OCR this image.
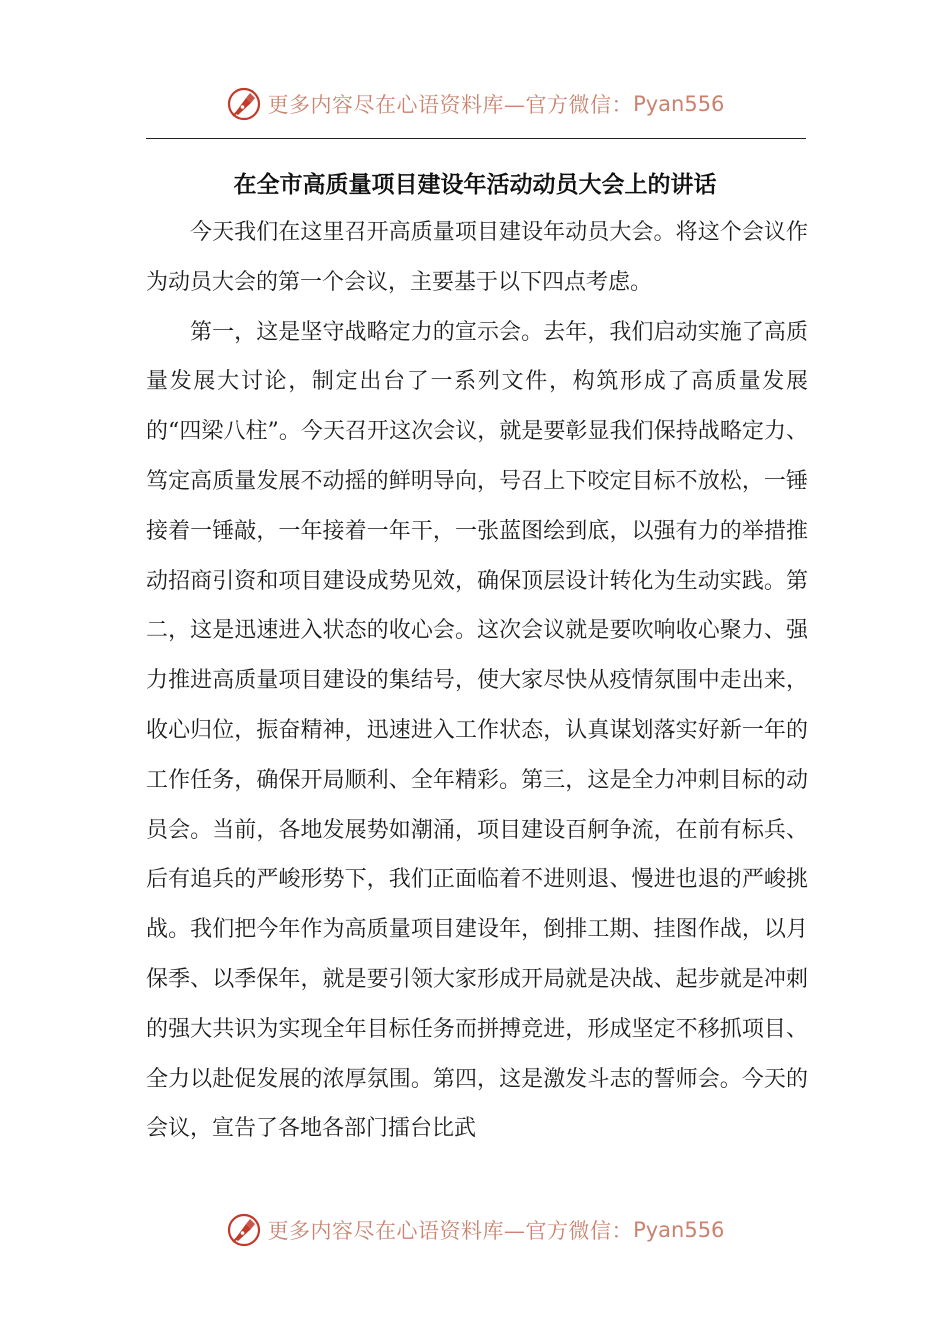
更多内容尽在心语资料库—官方微信： Pyan556
在全市高质量项目建设年活动动员大会上的讲话

今天我们在这里召开高质量项目建设年动员大会。将这个会议作为动员大会的第一个会议，主要基于以下四点考虑。

第一，这是坚守战略定力的宣示会。去年，我们启动实施了高质量发展大讨论，制定出台了一系列文件，构筑形成了高质量发展的“四梁八柱”。今天召开这次会议，就是要彰显我们保持战略定力、笃定高质量发展不动摇的鲜明导向，号召上下咬定目标不放松，一锤接着一锤敲，一年接着一年干，一张蓝图绘到底，以强有力的举措推动招商引资和项目建设成势见效，确保顶层设计转化为生动实践。第二，这是迅速进入状态的收心会。这次会议就是要吹响收心聚力、强力推进高质量项目建设的集结号，使大家尽快从疫情氛围中走出来，收心归位，振奋精神，迅速进入工作状态，认真谋划落实好新一年的工作任务，确保开局顺利、全年精彩。第三，这是全力冲刺目标的动员会。当前，各地发展势如潮涌，项目建设百舸争流，在前有标兵、后有追兵的严峻形势下，我们正面临着不进则退、慢进也退的严峻挑战。我们把今年作为高质量项目建设年，倒排工期、挂图作战，以月保季、以季保年，就是要引领大家形成开局就是决战、起步就是冲刺的强大共识为实现全年目标任务而拼搏竞进，形成坚定不移抓项目、全力以赴促发展的浓厚氛围。第四，这是激发斗志的誓师会。今天的会议，宣告了各地各部门擂台比武

更多内容尽在心语资料库—官方微信： Pyan556
